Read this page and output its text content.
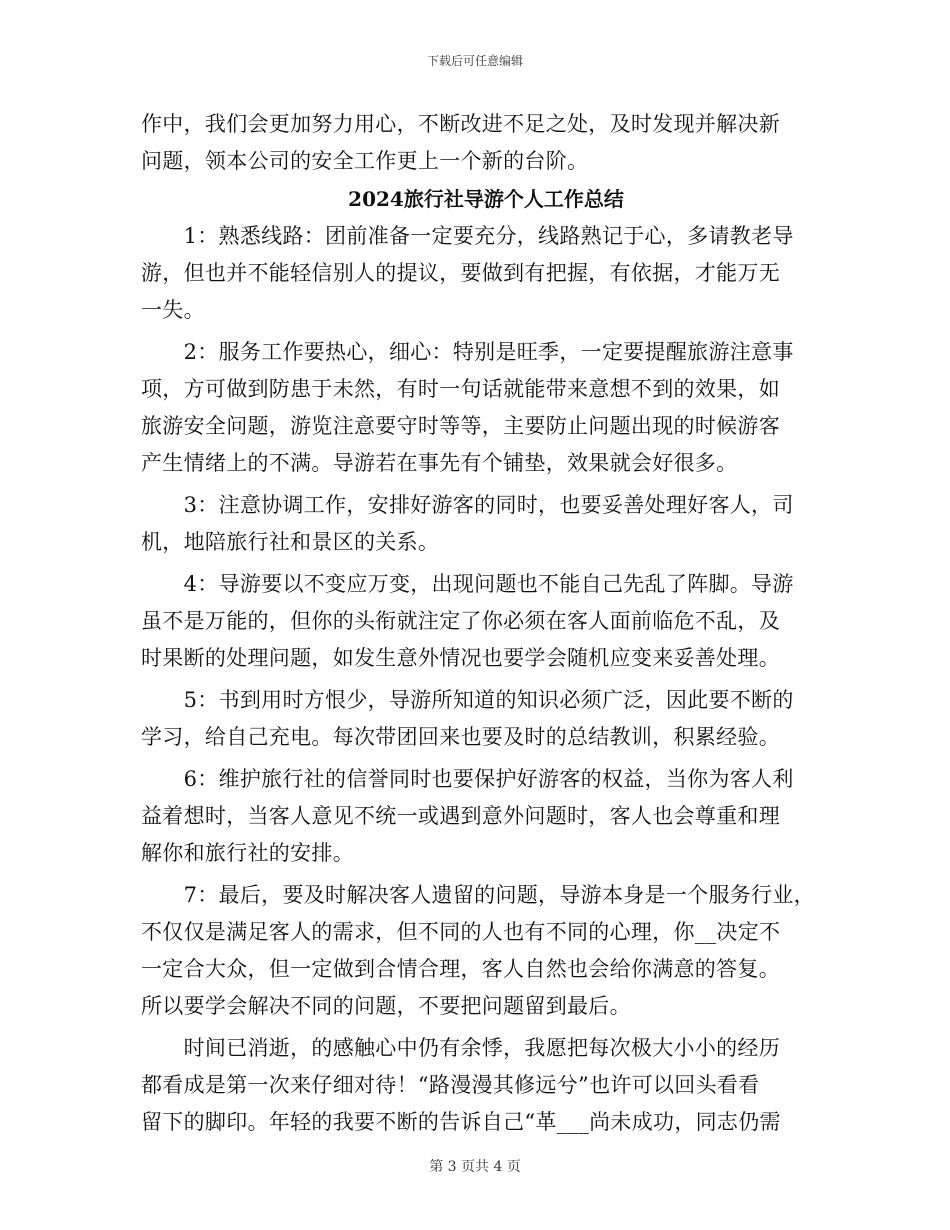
下载后可任意编辑
作中，我们会更加努力用心，不断改进不足之处，及时发现并解决新
问题，领本公司的安全工作更上一个新的台阶。
2024旅行社导游个人工作总结
　　1：熟悉线路：团前准备一定要充分，线路熟记于心，多请教老导
游，但也并不能轻信别人的提议，要做到有把握，有依据，才能万无
一失。
　　2：服务工作要热心，细心：特别是旺季，一定要提醒旅游注意事
项，方可做到防患于未然，有时一句话就能带来意想不到的效果，如
旅游安全问题，游览注意要守时等等，主要防止问题出现的时候游客
产生情绪上的不满。导游若在事先有个铺垫，效果就会好很多。
　　3：注意协调工作，安排好游客的同时，也要妥善处理好客人，司
机，地陪旅行社和景区的关系。
　　4：导游要以不变应万变，出现问题也不能自己先乱了阵脚。导游
虽不是万能的，但你的头衔就注定了你必须在客人面前临危不乱，及
时果断的处理问题，如发生意外情况也要学会随机应变来妥善处理。
　　5：书到用时方恨少，导游所知道的知识必须广泛，因此要不断的
学习，给自己充电。每次带团回来也要及时的总结教训，积累经验。
　　6：维护旅行社的信誉同时也要保护好游客的权益，当你为客人利
益着想时，当客人意见不统一或遇到意外问题时，客人也会尊重和理
解你和旅行社的安排。
　　7：最后，要及时解决客人遗留的问题，导游本身是一个服务行业，
不仅仅是满足客人的需求，但不同的人也有不同的心理，你__决定不
一定合大众，但一定做到合情合理，客人自然也会给你满意的答复。
所以要学会解决不同的问题，不要把问题留到最后。
　　时间已消逝，的感触心中仍有余悸，我愿把每次极大小小的经历
都看成是第一次来仔细对待！“路漫漫其修远兮”也许可以回头看看
留下的脚印。年轻的我要不断的告诉自己“革___尚未成功，同志仍需
第 3 页共 4 页
